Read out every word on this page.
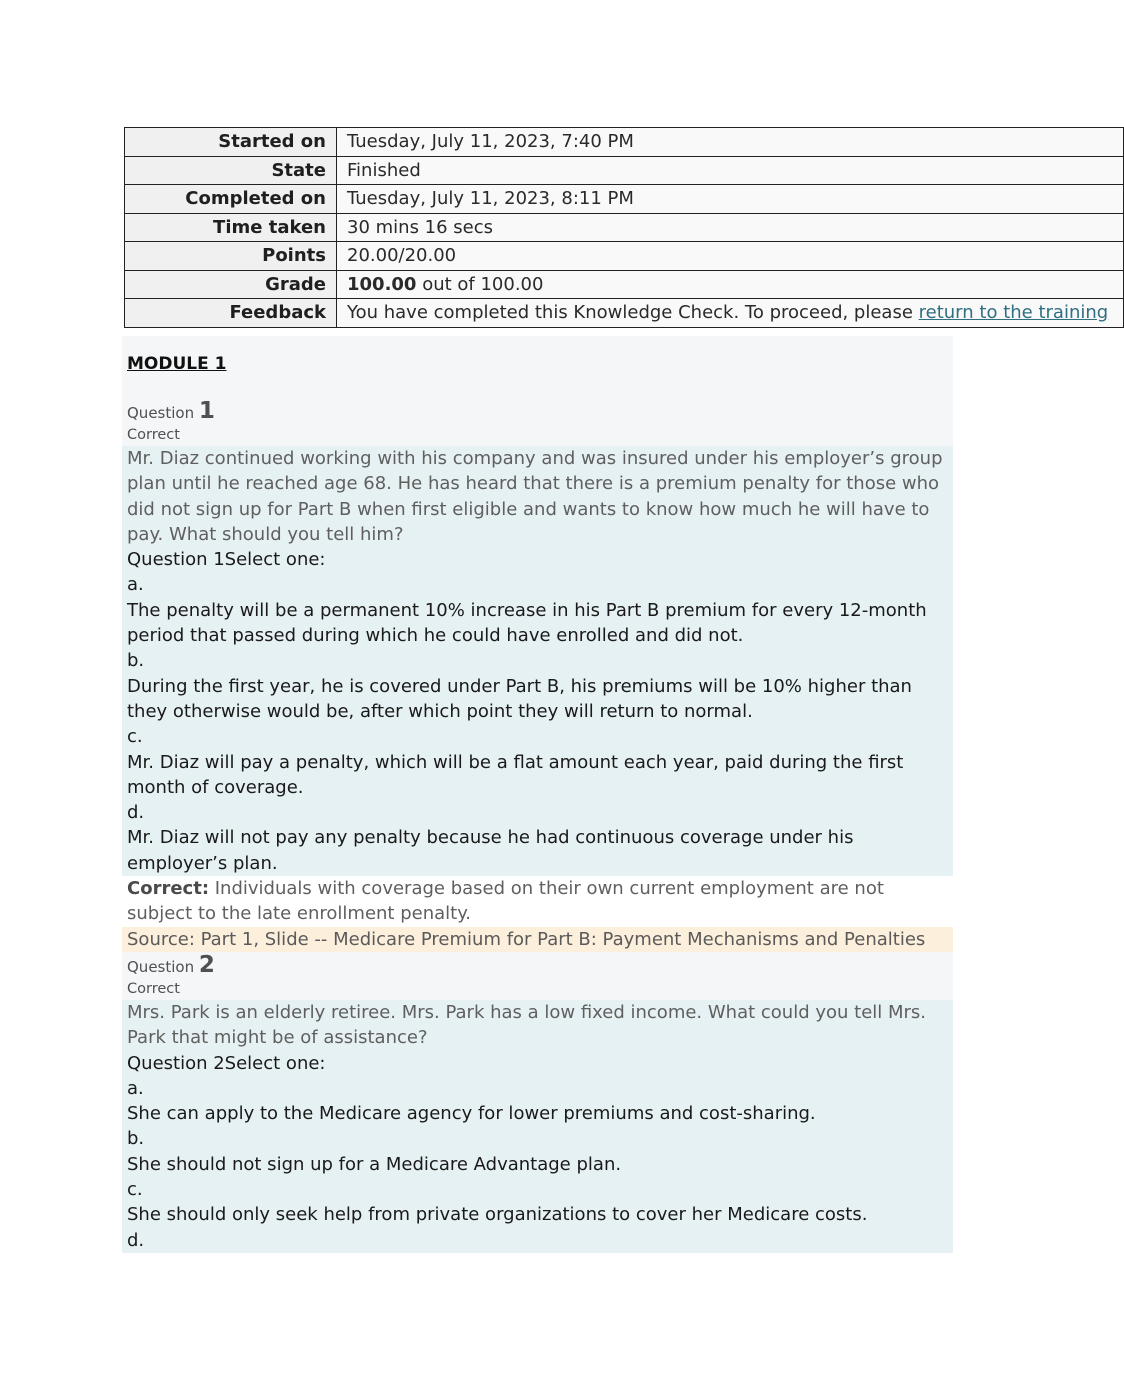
Started on	Tuesday, July 11, 2023, 7:40 PM
State	Finished
Completed on	Tuesday, July 11, 2023, 8:11 PM
Time taken	30 mins 16 secs
Points	20.00/20.00
Grade	100.00 out of 100.00
Feedback	You have completed this Knowledge Check. To proceed, please return to the training
MODULE 1
Question 1
Correct
Mr. Diaz continued working with his company and was insured under his employer’s group plan until he reached age 68. He has heard that there is a premium penalty for those who did not sign up for Part B when first eligible and wants to know how much he will have to pay. What should you tell him?
Question 1Select one:
a.
The penalty will be a permanent 10% increase in his Part B premium for every 12-month period that passed during which he could have enrolled and did not.
b.
During the first year, he is covered under Part B, his premiums will be 10% higher than they otherwise would be, after which point they will return to normal.
c.
Mr. Diaz will pay a penalty, which will be a flat amount each year, paid during the first month of coverage.
d.
Mr. Diaz will not pay any penalty because he had continuous coverage under his employer’s plan.
Correct: Individuals with coverage based on their own current employment are not subject to the late enrollment penalty.
Source: Part 1, Slide -- Medicare Premium for Part B: Payment Mechanisms and Penalties
Question 2
Correct
Mrs. Park is an elderly retiree. Mrs. Park has a low fixed income. What could you tell Mrs. Park that might be of assistance?
Question 2Select one:
a.
She can apply to the Medicare agency for lower premiums and cost-sharing.
b.
She should not sign up for a Medicare Advantage plan.
c.
She should only seek help from private organizations to cover her Medicare costs.
d.
